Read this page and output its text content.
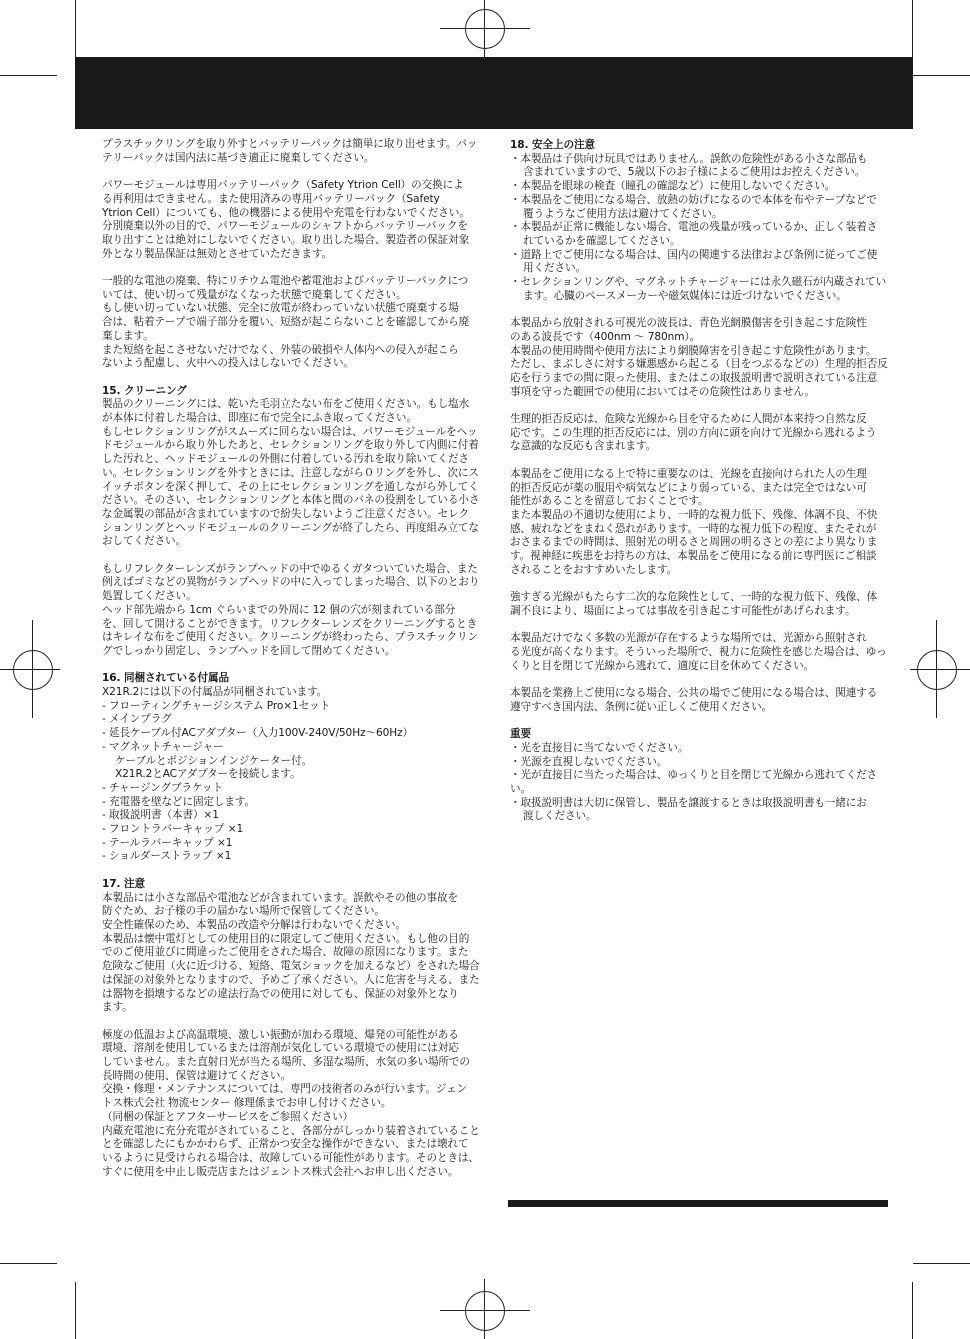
プラスチックリングを取り外すとバッテリーパックは簡単に取り出せます。バッ
テリーパックは国内法に基づき適正に廃棄してください。
パワーモジュールは専用バッテリーパック（Safety Ytrion Cell）の交換によ
る再利用はできません。また使用済みの専用バッテリーパック（Safety
Ytrion Cell）についても、他の機器による使用や充電を行わないでください。
分別廃棄以外の目的で、パワーモジュールのシャフトからバッテリーパックを
取り出すことは絶対にしないでください。取り出した場合、製造者の保証対象
外となり製品保証は無効とさせていただきます。
一般的な電池の廃棄、特にリチウム電池や蓄電池およびバッテリーパックにつ
いては、使い切って残量がなくなった状態で廃棄してください。
もし使い切っていない状態、完全に放電が終わっていない状態で廃棄する場
合は、粘着テープで端子部分を覆い、短絡が起こらないことを確認してから廃
棄します。
また短絡を起こさせないだけでなく、外装の破損や人体内への侵入が起こら
ないよう配慮し、火中への投入はしないでください。
15. クリーニング
製品のクリーニングには、乾いた毛羽立たない布をご使用ください。もし塩水
が本体に付着した場合は、即座に布で完全にふき取ってください。
もしセレクションリングがスムーズに回らない場合は、パワーモジュールをヘッ
ドモジュールから取り外したあと、セレクションリングを取り外して内側に付着
した汚れと、ヘッドモジュールの外側に付着している汚れを取り除いてくださ
い。セレクションリングを外すときには、注意しながら０リングを外し、次にス
イッチボタンを深く押して、その上にセレクションリングを通しながら外してく
ださい。そのさい、セレクションリングと本体と間のバネの役割をしている小さ
な金属製の部品が含まれていますので紛失しないようご注意ください。セレク
ションリングとヘッドモジュールのクリーニングが終了したら、再度組み立てな
おしてください。
もしリフレクターレンズがランプヘッドの中でゆるくガタついていた場合、また
例えばゴミなどの異物がランプヘッドの中に入ってしまった場合、以下のとおり
処置してください。
ヘッド部先端から 1cm ぐらいまでの外周に 12 個の穴が刻まれている部分
を、回して開けることができます。リフレクターレンズをクリーニングするとき
はキレイな布をご使用ください。クリーニングが終わったら、プラスチックリン
グでしっかり固定し、ランプヘッドを回して閉めてください。
16. 同梱されている付属品
X21R.2には以下の付属品が同梱されています。
- フローティングチャージシステム Pro×1セット
- メインプラグ
- 延長ケーブル付ACアダプター（入力100V-240V/50Hz～60Hz）
- マグネットチャージャー
ケーブルとポジションインジケーター付。
X21R.2とACアダプターを接続します。
- チャージングブラケット
- 充電器を壁などに固定します。
- 取扱説明書（本書）×1
- フロントラバーキャップ ×1
- テールラバーキャップ ×1
- ショルダーストラップ ×1
17. 注意
本製品には小さな部品や電池などが含まれています。誤飲やその他の事故を
防ぐため、お子様の手の届かない場所で保管してください。
安全性確保のため、本製品の改造や分解は行わないでください。
本製品は懐中電灯としての使用目的に限定してご使用ください。もし他の目的
でのご使用並びに間違ったご使用をされた場合、故障の原因になります。また
危険なご使用（火に近づける、短絡、電気ショックを加えるなど）をされた場合
は保証の対象外となりますので、予めご了承ください。人に危害を与える、また
は器物を損壊するなどの違法行為での使用に対しても、保証の対象外となり
ます。
極度の低温および高温環境、激しい振動が加わる環境、爆発の可能性がある
環境、溶剤を使用しているまたは溶剤が気化している環境での使用には対応
していません。また直射日光が当たる場所、多湿な場所、水気の多い場所での
長時間の使用、保管は避けてください。
交換・修理・メンテナンスについては、専門の技術者のみが行います。ジェン
トス株式会社 物流センター 修理係までお申し付けください。
（同梱の保証とアフターサービスをご参照ください）
内蔵充電池に充分充電がされていること、各部分がしっかり装着されていること
とを確認したにもかかわらず、正常かつ安全な操作ができない、または壊れて
いるように見受けられる場合は、故障している可能性があります。そのときは、
すぐに使用を中止し販売店またはジェントス株式会社へお申し出ください。
18. 安全上の注意
・本製品は子供向け玩具ではありません。誤飲の危険性がある小さな部品も
含まれていますので、5歳以下のお子様によるご使用はお控えください。
・本製品を眼球の検査（瞳孔の確認など）に使用しないでください。
・本製品をご使用になる場合、放熱の妨げになるので本体を布やテープなどで
覆うようなご使用方法は避けてください。
・本製品が正常に機能しない場合、電池の残量が残っているか、正しく装着さ
れているかを確認してください。
・道路上でご使用になる場合は、国内の関連する法律および条例に従ってご使
用ください。
・セレクションリングや、マグネットチャージャーには永久磁石が内蔵されてい
ます。心臓のペースメーカーや磁気媒体には近づけないでください。
本製品から放射される可視光の波長は、青色光網膜傷害を引き起こす危険性
のある波長です（400nm ～ 780nm）。
本製品の使用時間や使用方法により網膜障害を引き起こす危険性があります。
ただし、まぶしさに対する嫌悪感から起こる（目をつぶるなどの）生理的拒否反
応を行うまでの間に限った使用、またはこの取扱説明書で説明されている注意
事項を守った範囲での使用においてはその危険性はありません。
生理的拒否反応は、危険な光線から目を守るために人間が本来持つ自然な反
応です。この生理的拒否反応には、別の方向に頭を向けて光線から逃れるよう
な意識的な反応も含まれます。
本製品をご使用になる上で特に重要なのは、光線を直接向けられた人の生理
的拒否反応が薬の服用や病気などにより弱っている、または完全ではない可
能性があることを留意しておくことです。
また本製品の不適切な使用により、一時的な視力低下、残像、体調不良、不快
感、疲れなどをまねく恐れがあります。一時的な視力低下の程度、またそれが
おさまるまでの時間は、照射光の明るさと周囲の明るさとの差により異なりま
す。視神経に疾患をお持ちの方は、本製品をご使用になる前に専門医にご相談
されることをおすすめいたします。
強すぎる光線がもたらす二次的な危険性として、一時的な視力低下、残像、体
調不良により、場面によっては事故を引き起こす可能性があげられます。
本製品だけでなく多数の光源が存在するような場所では、光源から照射され
る光度が高くなります。そういった場所で、視力に危険性を感じた場合は、ゆっ
くりと目を閉じて光線から逃れて、適度に目を休めてください。
本製品を業務上ご使用になる場合、公共の場でご使用になる場合は、関連する
遵守すべき国内法、条例に従い正しくご使用ください。
重要
・光を直接目に当てないでください。
・光源を直視しないでください。
・光が直接目に当たった場合は、ゆっくりと目を閉じて光線から逃れてください。
・取扱説明書は大切に保管し、製品を譲渡するときは取扱説明書も一緒にお
渡しください。
